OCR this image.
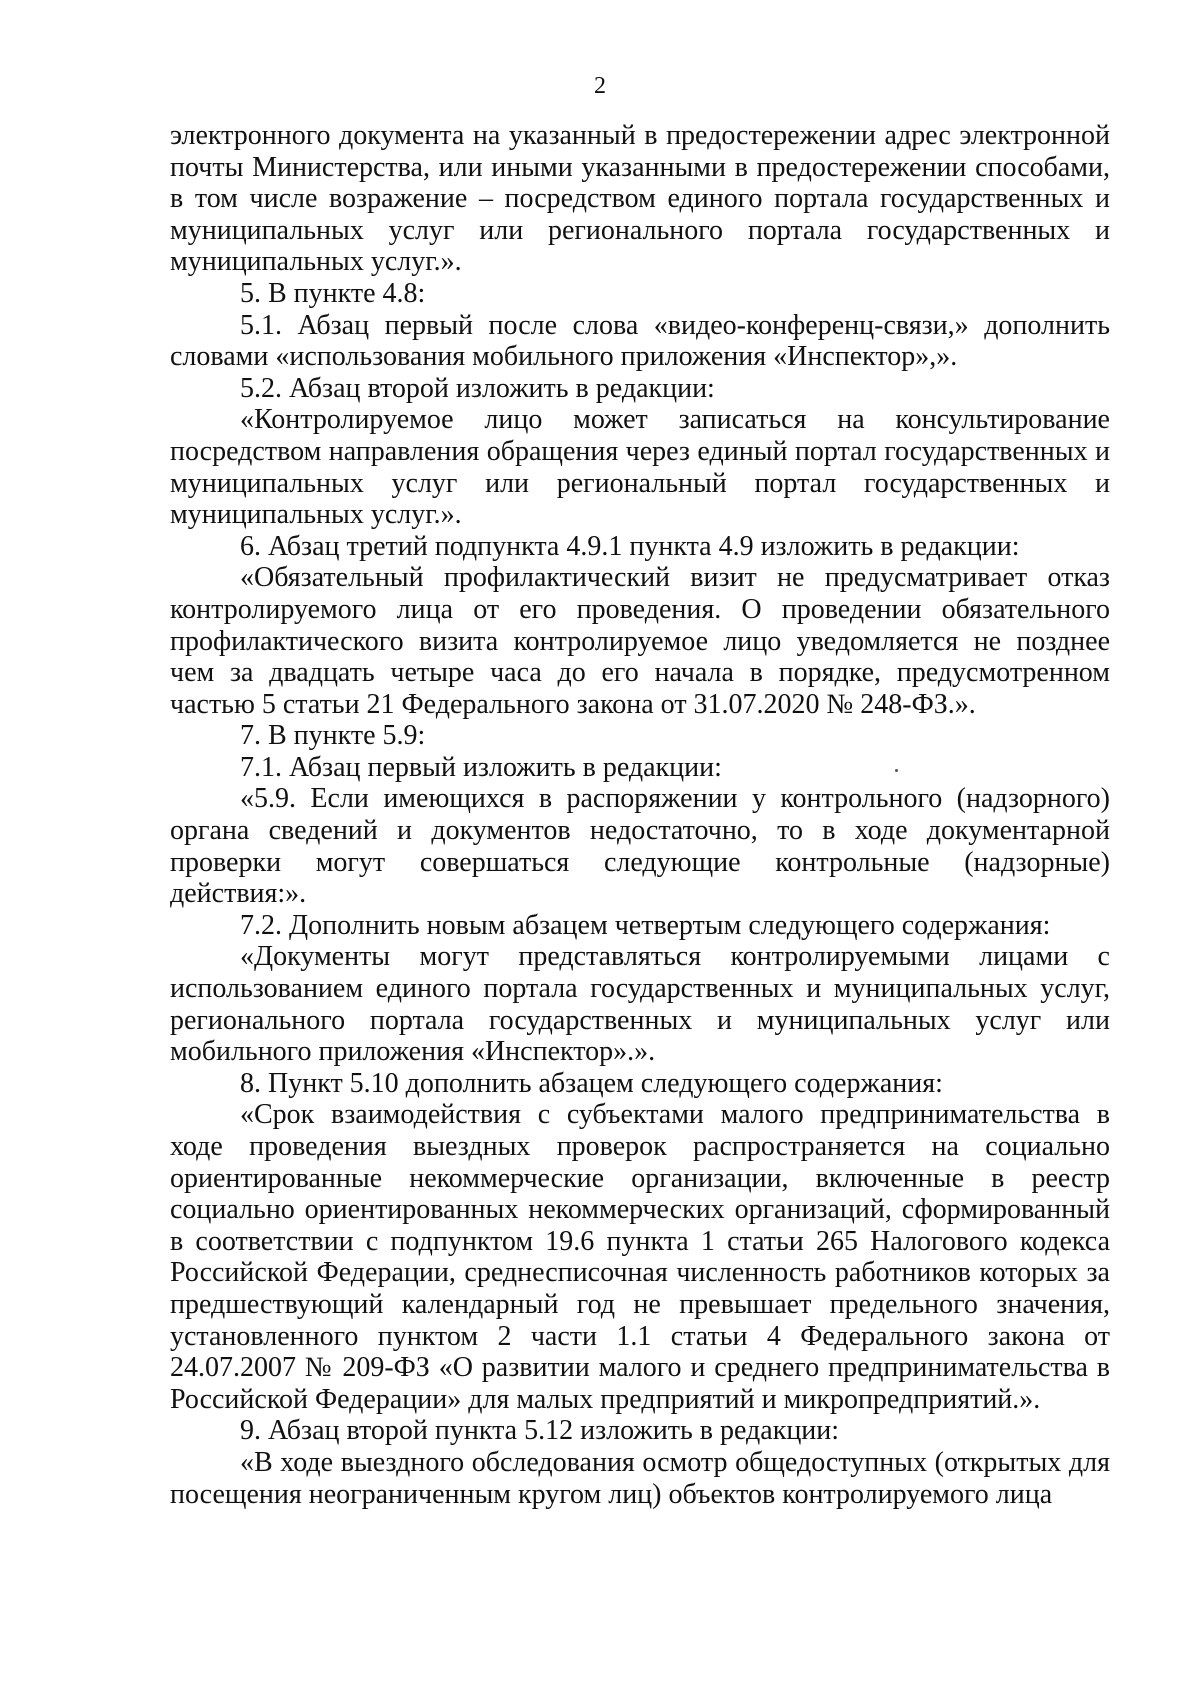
2

электронного документа на указанный в предостережении адрес электронной почты Министерства, или иными указанными в предостережении способами, в том числе возражение – посредством единого портала государственных и муниципальных услуг или регионального портала государственных и муниципальных услуг.».

5. В пункте 4.8:

5.1. Абзац первый после слова «видео-конференц-связи,» дополнить словами «использования мобильного приложения «Инспектор»,».

5.2. Абзац второй изложить в редакции:

«Контролируемое лицо может записаться на консультирование посредством направления обращения через единый портал государственных и муниципальных услуг или региональный портал государственных и муниципальных услуг.».

6. Абзац третий подпункта 4.9.1 пункта 4.9 изложить в редакции:

«Обязательный профилактический визит не предусматривает отказ контролируемого лица от его проведения. О проведении обязательного профилактического визита контролируемое лицо уведомляется не позднее чем за двадцать четыре часа до его начала в порядке, предусмотренном частью 5 статьи 21 Федерального закона от 31.07.2020 № 248-ФЗ.».

7. В пункте 5.9:

7.1. Абзац первый изложить в редакции:

«5.9. Если имеющихся в распоряжении у контрольного (надзорного) органа сведений и документов недостаточно, то в ходе документарной проверки могут совершаться следующие контрольные (надзорные) действия:».

7.2. Дополнить новым абзацем четвертым следующего содержания:

«Документы могут представляться контролируемыми лицами с использованием единого портала государственных и муниципальных услуг, регионального портала государственных и муниципальных услуг или мобильного приложения «Инспектор».».

8. Пункт 5.10 дополнить абзацем следующего содержания:

«Срок взаимодействия с субъектами малого предпринимательства в ходе проведения выездных проверок распространяется на социально ориентированные некоммерческие организации, включенные в реестр социально ориентированных некоммерческих организаций, сформированный в соответствии с подпунктом 19.6 пункта 1 статьи 265 Налогового кодекса Российской Федерации, среднесписочная численность работников которых за предшествующий календарный год не превышает предельного значения, установленного пунктом 2 части 1.1 статьи 4 Федерального закона от 24.07.2007 № 209-ФЗ «О развитии малого и среднего предпринимательства в Российской Федерации» для малых предприятий и микропредприятий.».

9. Абзац второй пункта 5.12 изложить в редакции:

«В ходе выездного обследования осмотр общедоступных (открытых для посещения неограниченным кругом лиц) объектов контролируемого лица
